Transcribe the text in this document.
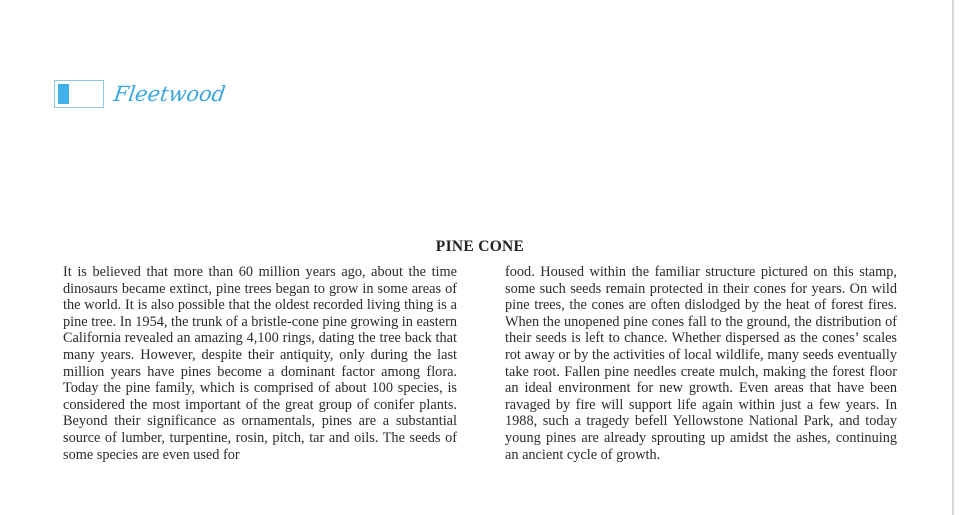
Fleetwood
PINE CONE

It is believed that more than 60 million years ago, about the time dinosaurs became extinct, pine trees began to grow in some areas of the world. It is also possible that the oldest recorded living thing is a pine tree. In 1954, the trunk of a bristle-cone pine growing in eastern California revealed an amazing 4,100 rings, dating the tree back that many years. However, despite their antiquity, only during the last million years have pines become a dominant factor among flora. Today the pine family, which is comprised of about 100 species, is considered the most important of the great group of conifer plants. Beyond their significance as ornamentals, pines are a substantial source of lumber, turpentine, rosin, pitch, tar and oils. The seeds of some species are even used for

food. Housed within the familiar structure pictured on this stamp, some such seeds remain protected in their cones for years. On wild pine trees, the cones are often dislodged by the heat of forest fires. When the unopened pine cones fall to the ground, the distribution of their seeds is left to chance. Whether dispersed as the cones’ scales rot away or by the activities of local wildlife, many seeds eventually take root. Fallen pine needles create mulch, making the forest floor an ideal environment for new growth. Even areas that have been ravaged by fire will support life again within just a few years. In 1988, such a tragedy befell Yellowstone National Park, and today young pines are already sprouting up amidst the ashes, continuing an ancient cycle of growth.
